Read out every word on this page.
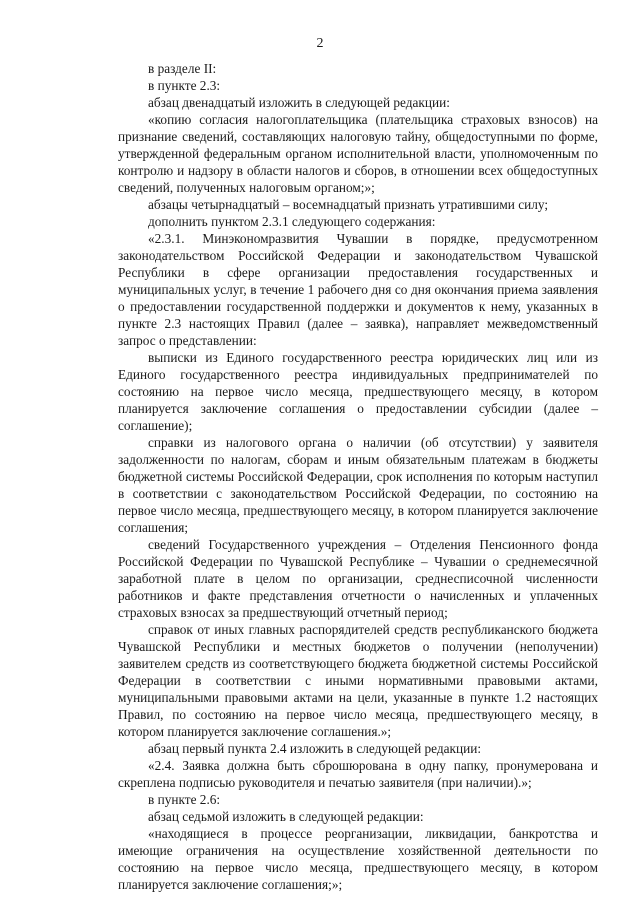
2

в разделе II:

в пункте 2.3:

абзац двенадцатый изложить в следующей редакции:

«копию согласия налогоплательщика (плательщика страховых взносов) на признание сведений, составляющих налоговую тайну, общедоступными по форме, утвержденной федеральным органом исполнительной власти, уполномоченным по контролю и надзору в области налогов и сборов, в отношении всех общедоступных сведений, полученных налоговым органом;»;

абзацы четырнадцатый – восемнадцатый признать утратившими силу;

дополнить пунктом 2.3.1 следующего содержания:

«2.3.1. Минэкономразвития Чувашии в порядке, предусмотренном законодательством Российской Федерации и законодательством Чувашской Республики в сфере организации предоставления государственных и муниципальных услуг, в течение 1 рабочего дня со дня окончания приема заявления о предоставлении государственной поддержки и документов к нему, указанных в пункте 2.3 настоящих Правил (далее – заявка), направляет межведомственный запрос о представлении:

выписки из Единого государственного реестра юридических лиц или из Единого государственного реестра индивидуальных предпринимателей по состоянию на первое число месяца, предшествующего месяцу, в котором планируется заключение соглашения о предоставлении субсидии (далее – соглашение);

справки из налогового органа о наличии (об отсутствии) у заявителя задолженности по налогам, сборам и иным обязательным платежам в бюджеты бюджетной системы Российской Федерации, срок исполнения по которым наступил в соответствии с законодательством Российской Федерации, по состоянию на первое число месяца, предшествующего месяцу, в котором планируется заключение соглашения;

сведений Государственного учреждения – Отделения Пенсионного фонда Российской Федерации по Чувашской Республике – Чувашии о среднемесячной заработной плате в целом по организации, среднесписочной численности работников и факте представления отчетности о начисленных и уплаченных страховых взносах за предшествующий отчетный период;

справок от иных главных распорядителей средств республиканского бюджета Чувашской Республики и местных бюджетов о получении (неполучении) заявителем средств из соответствующего бюджета бюджетной системы Российской Федерации в соответствии с иными нормативными правовыми актами, муниципальными правовыми актами на цели, указанные в пункте 1.2 настоящих Правил, по состоянию на первое число месяца, предшествующего месяцу, в котором планируется заключение соглашения.»;

абзац первый пункта 2.4 изложить в следующей редакции:

«2.4. Заявка должна быть сброшюрована в одну папку, пронумерована и скреплена подписью руководителя и печатью заявителя (при наличии).»;

в пункте 2.6:

абзац седьмой изложить в следующей редакции:

«находящиеся в процессе реорганизации, ликвидации, банкротства и имеющие ограничения на осуществление хозяйственной деятельности по состоянию на первое число месяца, предшествующего месяцу, в котором планируется заключение соглашения;»;
